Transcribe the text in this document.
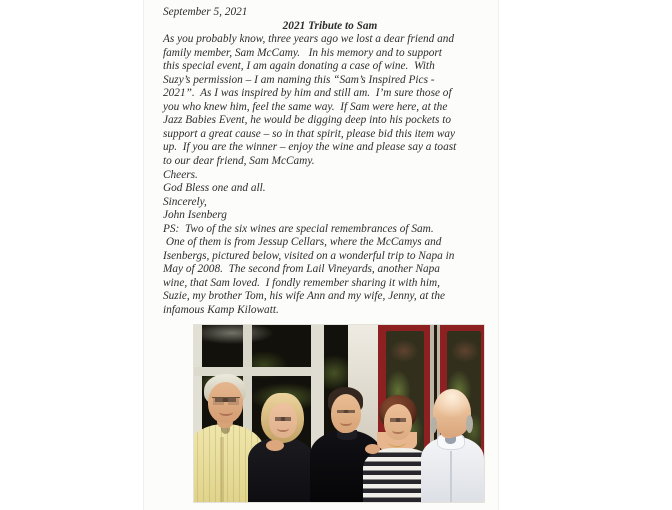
September 5, 2021
2021 Tribute to Sam
As you probably know, three years ago we lost a dear friend and
family member, Sam McCamy.   In his memory and to support
this special event, I am again donating a case of wine.  With
Suzy’s permission – I am naming this “Sam’s Inspired Pics -
2021”.  As I was inspired by him and still am.  I’m sure those of
you who knew him, feel the same way.  If Sam were here, at the
Jazz Babies Event, he would be digging deep into his pockets to
support a great cause – so in that spirit, please bid this item way
up.  If you are the winner – enjoy the wine and please say a toast
to our dear friend, Sam McCamy.
Cheers.
God Bless one and all.
Sincerely,
John Isenberg
PS:  Two of the six wines are special remembrances of Sam.
One of them is from Jessup Cellars, where the McCamys and
Isenbergs, pictured below, visited on a wonderful trip to Napa in
May of 2008.  The second from Lail Vineyards, another Napa
wine, that Sam loved.  I fondly remember sharing it with him,
Suzie, my brother Tom, his wife Ann and my wife, Jenny, at the
infamous Kamp Kilowatt.
